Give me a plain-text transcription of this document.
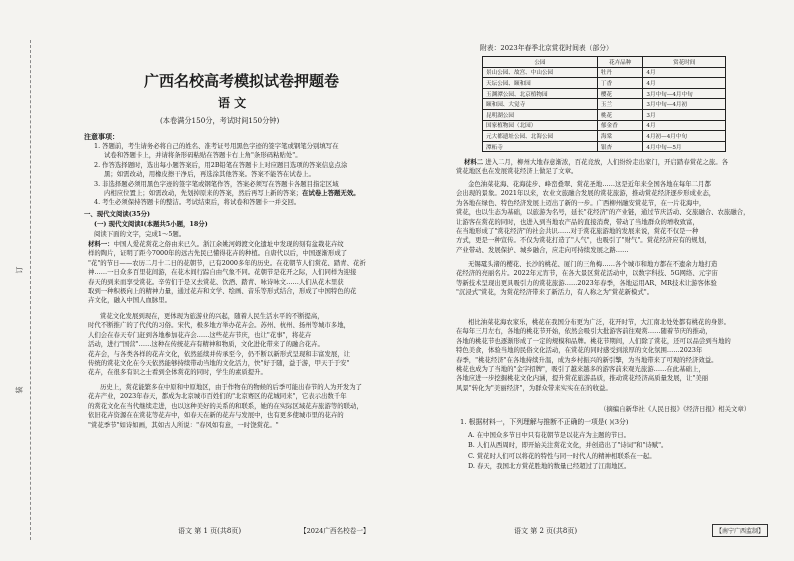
订
装
广西名校高考模拟试卷押题卷
语 文
(本卷满分150分，考试时间150分钟)
注意事项：
1. 答题前，考生请务必将自己的姓名、准考证号用黑色字迹的签字笔或钢笔分别填写在
试卷和答题卡上，并请将条形码粘贴在答题卡右上角"条形码粘贴处"。
2. 作答选择题时，选出每小题答案后，用2B铅笔在答题卡上对应题目选项的答案信息点涂
黑；如需改动，用橡皮擦干净后，再选涂其他答案。答案不能答在试卷上。
3. 非选择题必须用黑色字迹的签字笔或钢笔作答，答案必须写在答题卡各题目指定区域
内相应位置上；如需改动，先划掉原来的答案，然后再写上新的答案；在试卷上答题无效。
4. 考生必须保持答题卡的整洁。考试结束后，将试卷和答题卡一并交回。
一、现代文阅读(35分)
(一) 现代文阅读Ⅰ(本题共5小题，18分)
阅读下面的文字，完成1～5题。
材料一：中国人爱花赏花之俗由来已久。浙江余姚河姆渡文化遗址中发现的刻有盆栽花卉纹
样的陶片，证明了距今7000年的远古先民已懂得花卉的种植。自唐代以后，中国逐渐形成了
"花"的节日——农历二月十二日的花朝节，已有2000多年的历史。在花朝节人们赏花、踏青、花祈
神……一日众多百里花间游，在花木间行踪自由气象不同。花朝节是花开之际，人们同样为迎接
春天的到来而享受赏花。辛劳们于是又去赏花、饮酒、踏青、咏诗咏文……人们从花木里获
取到一种积极向上的精神力量，通过花卉和文学、绘画、音乐等形式结合，形成了中国特色的花
卉文化，融入中国人血脉里。
赏花文化发展到现在，更体现为旅游业的兴起，随着人民生活水平的不断提高，
时代不断推广的了代代的习俗。宋代，极多地方举办花卉会。苏州、杭州、扬州等城市多地，
人们会在春天专门赶到各地参加花卉会……这些花卉节庆，也让"花事"，将花卉
活动，进行"国营"……这种在传统花卉有精神和物质，文化进化带来了的融合花卉。
花卉会，与各类各样的花卉文化，依然延续并传承至今，仍不断以新形式呈现和丰富发展，让
传统的赏花文化在今天依然能够持续带动当地的文化活力，快"好于随，益于游，甲天于于安"
花卉，在很多有识之士看到全体赏花的同时，学生的素质提升。
历史上，赏花能繁多在中原和中原地区，由于作物在的物候的后季可能出春节的人为开发为了
花卉产业，2023年春天，都成为北京城市百姓们的"北京赛区的花城同来"，它表示出数千年
的赏花文化在当代继续走进，也以这种美好的关系的和联系，她的在实际区域花卉旅游等的联动，
依旧花卉资源在在赏花等花卉中，如春天在新的花卉与发展中，也有更多使城市里的花卉的
"赏花季节"如诗如画，其如古人所说："春风如有意，一时饶赏花。"
语文 第 1 页(共8页)	【2024广西名校卷一】
附表：2023年春季北京赏花时间表（部分）
公园	花卉品种	赏花时间
景山公园、故宫、中山公园	牡丹	4月
天坛公园、颐和园	丁香	4月
玉渊潭公园、北京植物园	樱花	3月中旬—4月中旬
颐和园、大觉寺	玉兰	3月中旬—4月初
昆明湖公园	桃花	3月
国家植物园（北园）	郁金香	4月
元大都遗址公园、北海公园	海棠	4月初—4月中旬
潭柘寺	银杏	4月中旬—5月
材料二 进入二月，柳州大地春意渐浓，百花竞放，人们纷纷走出家门，开启踏春赏花之旅。各
赏花地区也在发展赏花经济上做足了文章。
金色油菜花海、花海徒步、峰峦叠翠、赏花圣地……这是近年来全国各地在每年二月都
会出现的景象。2021年以来，农业文旅融合发展的赏花旅游，推动赏花经济逐步形成业态，
为各地在绿色、特色经济发展上迈出了新的一步。广西柳州融安赏花节，在一片花海中，
赏花，也以生态为基础，以旅游为名号，延长"花经济"的产业链，通过节庆活动、交旅融合、农旅融合，
让游客在赏花的同时，也进入到当地农产品的直接消费，带动了当地群众的增收致富，
在当地形成了"赏花经济"的社会共识……对于赏花旅游地的发展来说，赏花不仅是一种
方式，更是一种宣传。不仅为赏花打造了"人气"，也吸引了"财气"。赏花经济应有的规划，
产业带动、发展保护、城乡融合，应走向可持续发展之路……
无锡鼋头渚的樱花、长沙的桃花、厦门的三角梅……各个城市和地方都在不遗余力地打造
花经济的亮丽名片。2022年元宵节，在各大景区赏花活动中，以数字科技、5G网络、元宇宙
等新技术呈现出更具吸引力的赏花旅游……2023年春季，各地运用AR、MR技术让游客体验
"沉浸式"赏花，为赏花经济带来了新活力，有人称之为"赏花新模式"。
相比油菜花海农家乐，桃花在我国分布更为广泛，花开时节，大江南北处处都有桃花的身影。
在每年三月左右，各地的桃花节开始，依然会吸引大批游客前往观赏……随着节庆的推动，
各地的桃花节也逐渐形成了一定的规模和品牌。桃花节期间，人们除了赏花，还可以品尝到当地的
特色美食，体验当地的民俗文化活动，在赏花的同时感受到浓厚的文化氛围……2023年
春季，"桃花经济"在各地持续升温，成为乡村振兴的新引擎，为当地带来了可观的经济效益。
桃花也成为了当地的"金字招牌"，吸引了越来越多的游客前来观光旅游……在此基础上，
各地应进一步挖掘桃花文化内涵，提升赏花旅游品质，推动赏花经济高质量发展，让"美丽
风景"转化为"美丽经济"，为群众带来实实在在的收益。
（摘编自新华社《人民日报》《经济日报》相关文章）
1. 根据材料一，下列理解与推断不正确的一项是( )(3分)
A. 在中国众多节日中只有花朝节是以花卉为主题的节日。
B. 人们从西周时，即开始关注赏花文化，并创造出了"诗词"和"诗赋"。
C. 赏花时人们可以将花的特性与同一时代人的精神相联系在一起。
D. 春天，我国北方赏花胜地的数量已经超过了江南地区。
语文 第 2 页(共8页)	【南宁广西监制】
